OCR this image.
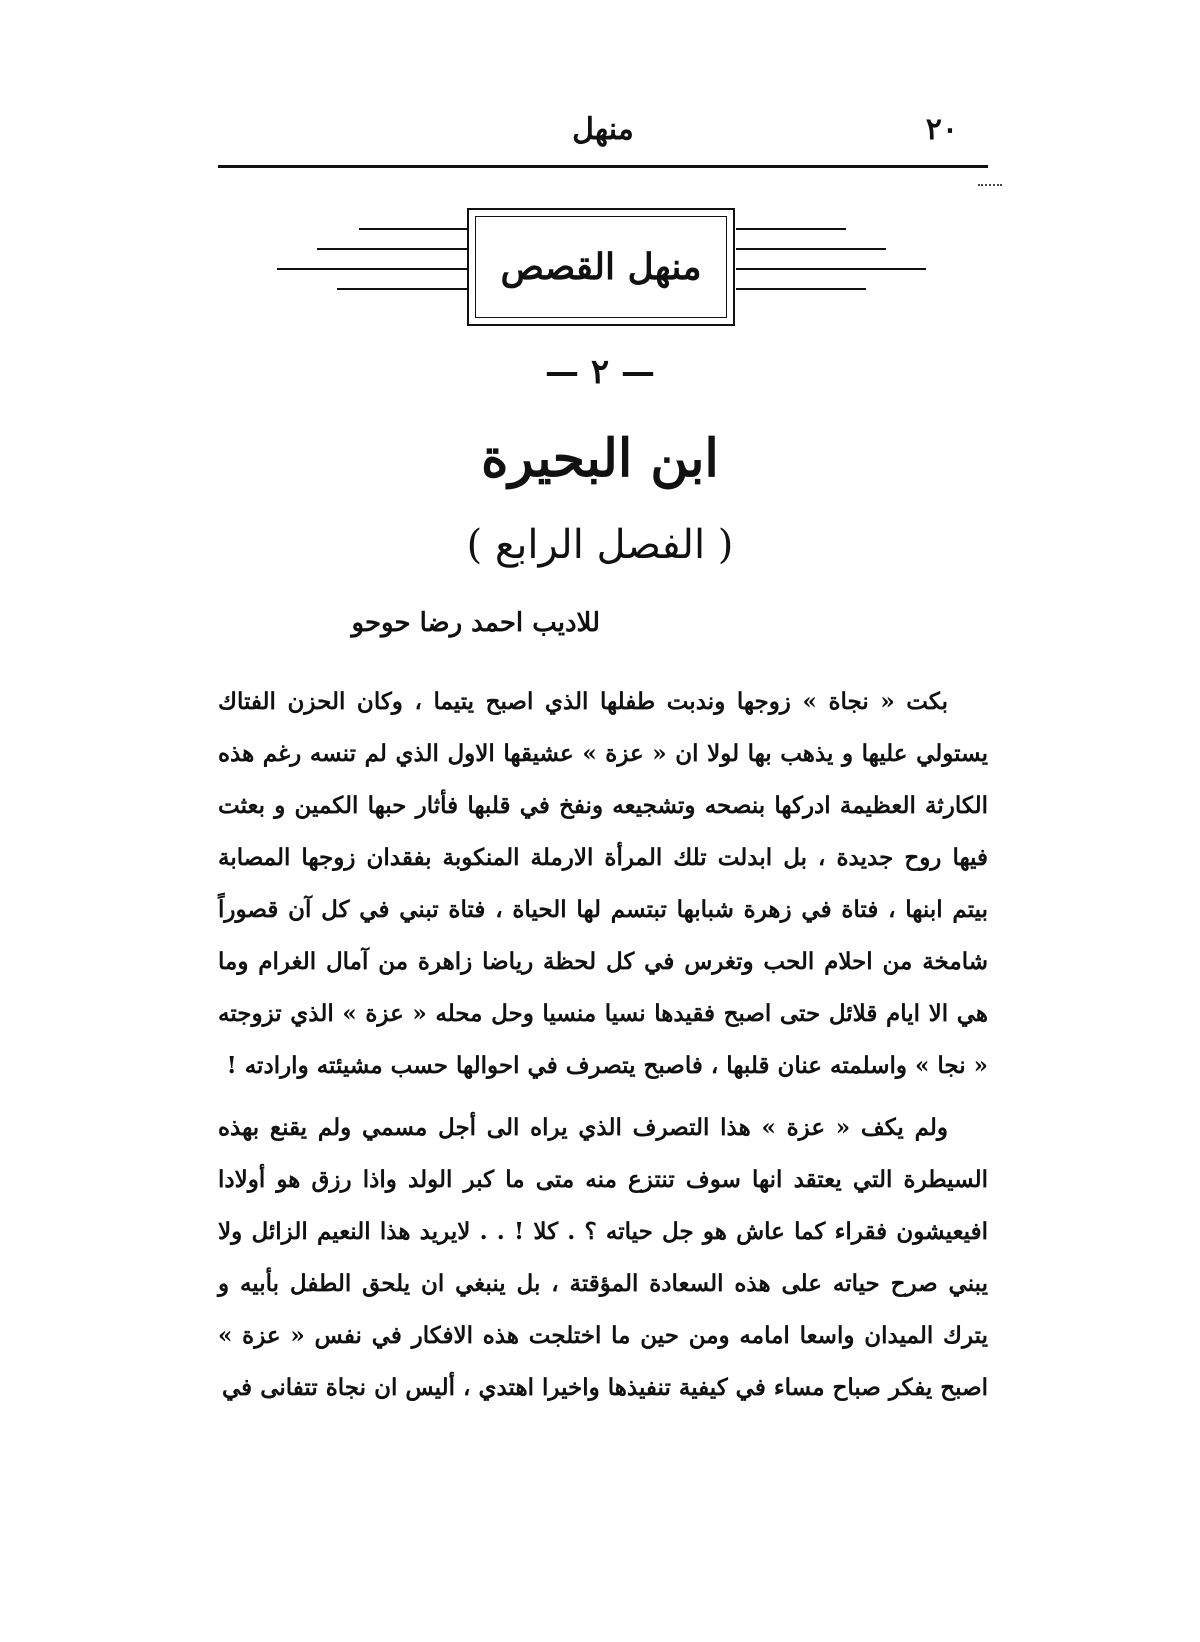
منهل	٢٠
منهل القصص
— ٢ —
ابن البحيرة
( الفصل الرابع )
للاديب احمد رضا حوحو

بكت « نجاة » زوجها وندبت طفلها الذي اصبح يتيما ، وكان الحزن الفتاك يستولي عليها و يذهب بها لولا ان « عزة » عشيقها الاول الذي لم تنسه رغم هذه الكارثة العظيمة ادركها بنصحه وتشجيعه ونفخ في قلبها فأثار حبها الكمين و بعثت فيها روح جديدة ، بل ابدلت تلك المرأة الارملة المنكوبة بفقدان زوجها المصابة بيتم ابنها ، فتاة في زهرة شبابها تبتسم لها الحياة ، فتاة تبني في كل آن قصوراً شامخة من احلام الحب وتغرس في كل لحظة رياضا زاهرة من آمال الغرام وما هي الا ايام قلائل حتى اصبح فقيدها نسيا منسيا وحل محله « عزة » الذي تزوجته « نجا » واسلمته عنان قلبها ، فاصبح يتصرف في احوالها حسب مشيئته وارادته !

ولم يكف « عزة » هذا التصرف الذي يراه الى أجل مسمي ولم يقنع بهذه السيطرة التي يعتقد انها سوف تنتزع منه متى ما كبر الولد واذا رزق هو أولادا افيعيشون فقراء كما عاش هو جل حياته ؟ . كلا ! . . لايريد هذا النعيم الزائل ولا يبني صرح حياته على هذه السعادة المؤقتة ، بل ينبغي ان يلحق الطفل بأبيه و يترك الميدان واسعا امامه ومن حين ما اختلجت هذه الافكار في نفس « عزة » اصبح يفكر صباح مساء في كيفية تنفيذها واخيرا اهتدي ، أليس ان نجاة تتفانى في
